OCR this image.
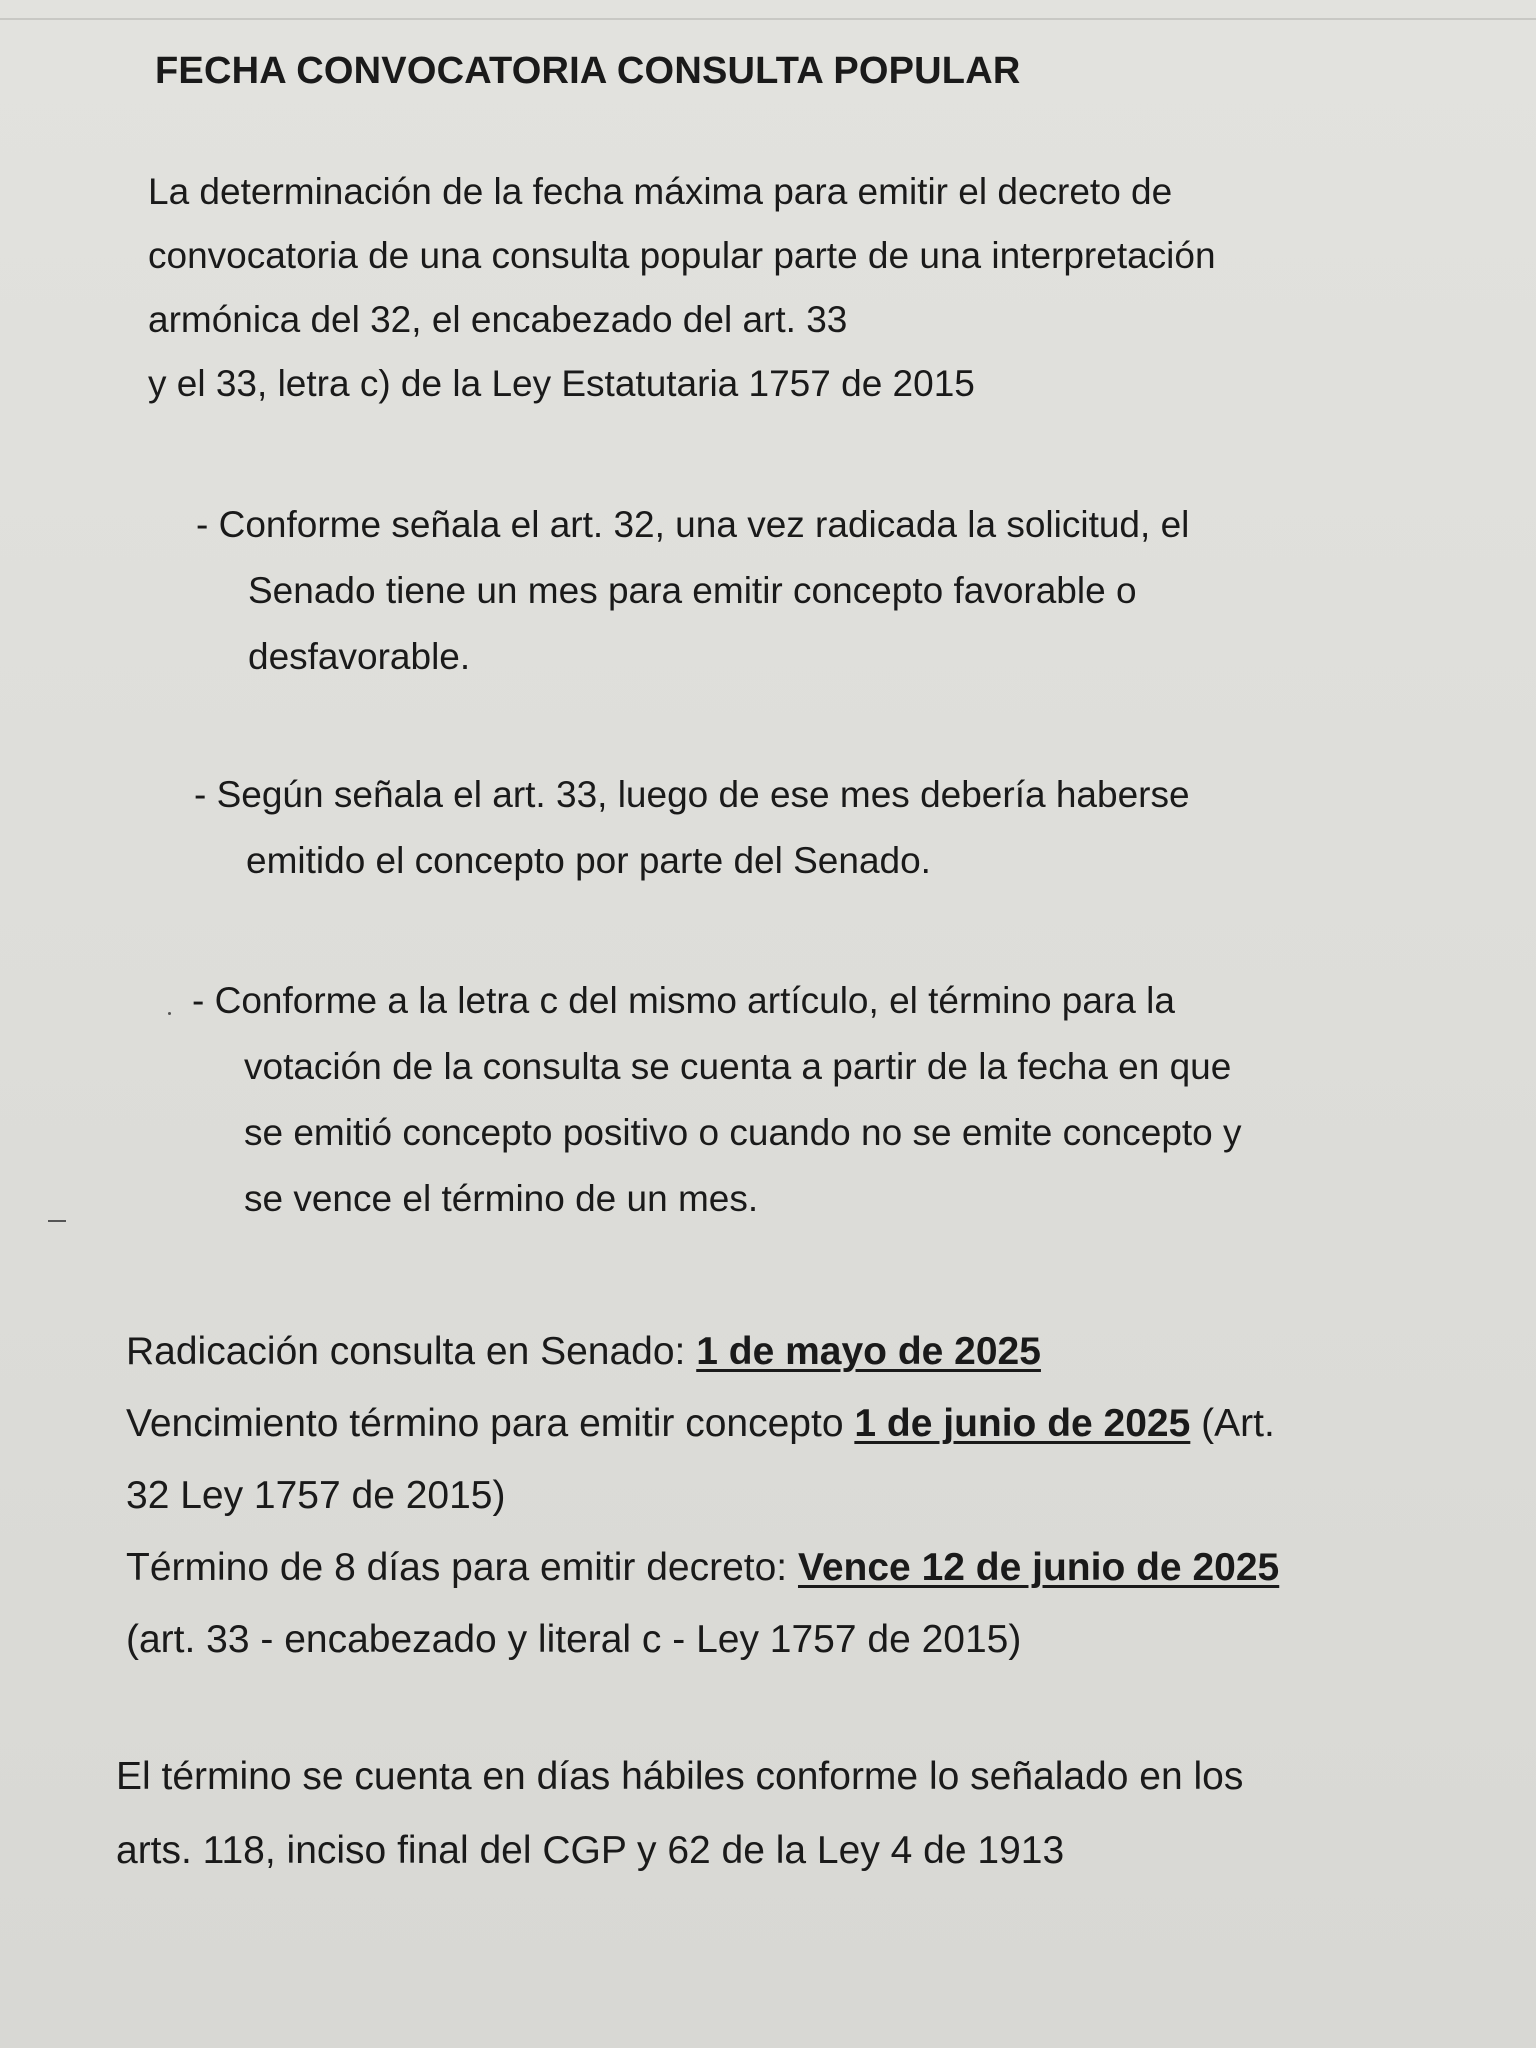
FECHA CONVOCATORIA CONSULTA POPULAR
La determinación de la fecha máxima para emitir el decreto de
convocatoria de una consulta popular parte de una interpretación
armónica del 32, el encabezado del art. 33
y el 33, letra c) de la Ley Estatutaria 1757 de 2015
- Conforme señala el art. 32, una vez radicada la solicitud, el
Senado tiene un mes para emitir concepto favorable o
desfavorable.
- Según señala el art. 33, luego de ese mes debería haberse
emitido el concepto por parte del Senado.
- Conforme a la letra c del mismo artículo, el término para la
votación de la consulta se cuenta a partir de la fecha en que
se emitió concepto positivo o cuando no se emite concepto y
se vence el término de un mes.
Radicación consulta en Senado: 1 de mayo de 2025
Vencimiento término para emitir concepto 1 de junio de 2025 (Art.
32 Ley 1757 de 2015)
Término de 8 días para emitir decreto: Vence 12 de junio de 2025
(art. 33 - encabezado y literal c - Ley 1757 de 2015)
El término se cuenta en días hábiles conforme lo señalado en los
arts. 118, inciso final del CGP y 62 de la Ley 4 de 1913
